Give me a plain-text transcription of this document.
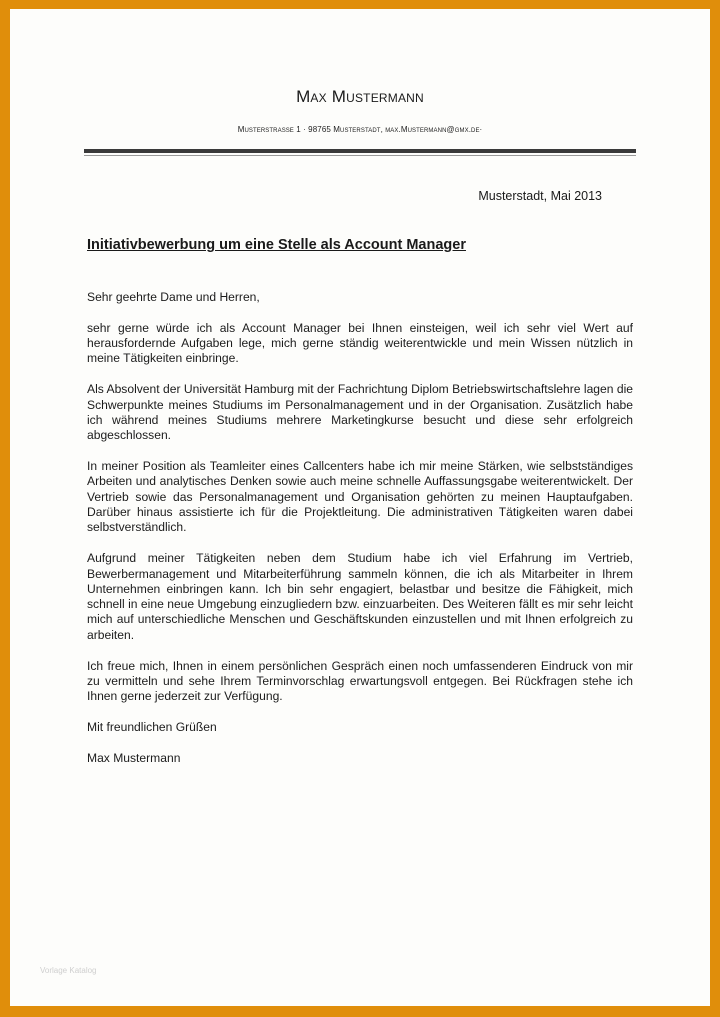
Max Mustermann
Musterstraße 1 · 98765 Musterstadt, max.Mustermann@gmx.de·
Musterstadt, Mai 2013
Initiativbewerbung um eine Stelle als Account Manager

Sehr geehrte Dame und Herren,

sehr gerne würde ich als Account Manager bei Ihnen einsteigen, weil ich sehr viel Wert auf herausfordernde Aufgaben lege, mich gerne ständig weiterentwickle und mein Wissen nützlich in meine Tätigkeiten einbringe.

Als Absolvent der Universität Hamburg mit der Fachrichtung Diplom Betriebswirtschaftslehre lagen die Schwerpunkte meines Studiums im Personalmanagement und in der Organisation. Zusätzlich habe ich während meines Studiums mehrere Marketingkurse besucht und diese sehr erfolgreich abgeschlossen.

In meiner Position als Teamleiter eines Callcenters habe ich mir meine Stärken, wie selbstständiges Arbeiten und analytisches Denken sowie auch meine schnelle Auffassungsgabe weiterentwickelt. Der Vertrieb sowie das Personalmanagement und Organisation gehörten zu meinen Hauptaufgaben. Darüber hinaus assistierte ich für die Projektleitung. Die administrativen Tätigkeiten waren dabei selbstverständlich.

Aufgrund meiner Tätigkeiten neben dem Studium habe ich viel Erfahrung im Vertrieb, Bewerbermanagement und Mitarbeiterführung sammeln können, die ich als Mitarbeiter in Ihrem Unternehmen einbringen kann. Ich bin sehr engagiert, belastbar und besitze die Fähigkeit, mich schnell in eine neue Umgebung einzugliedern bzw. einzuarbeiten. Des Weiteren fällt es mir sehr leicht mich auf unterschiedliche Menschen und Geschäftskunden einzustellen und mit Ihnen erfolgreich zu arbeiten.

Ich freue mich, Ihnen in einem persönlichen Gespräch einen noch umfassenderen Eindruck von mir zu vermitteln und sehe Ihrem Terminvorschlag erwartungsvoll entgegen. Bei Rückfragen stehe ich Ihnen gerne jederzeit zur Verfügung.

Mit freundlichen Grüßen

Max Mustermann

Vorlage Katalog
